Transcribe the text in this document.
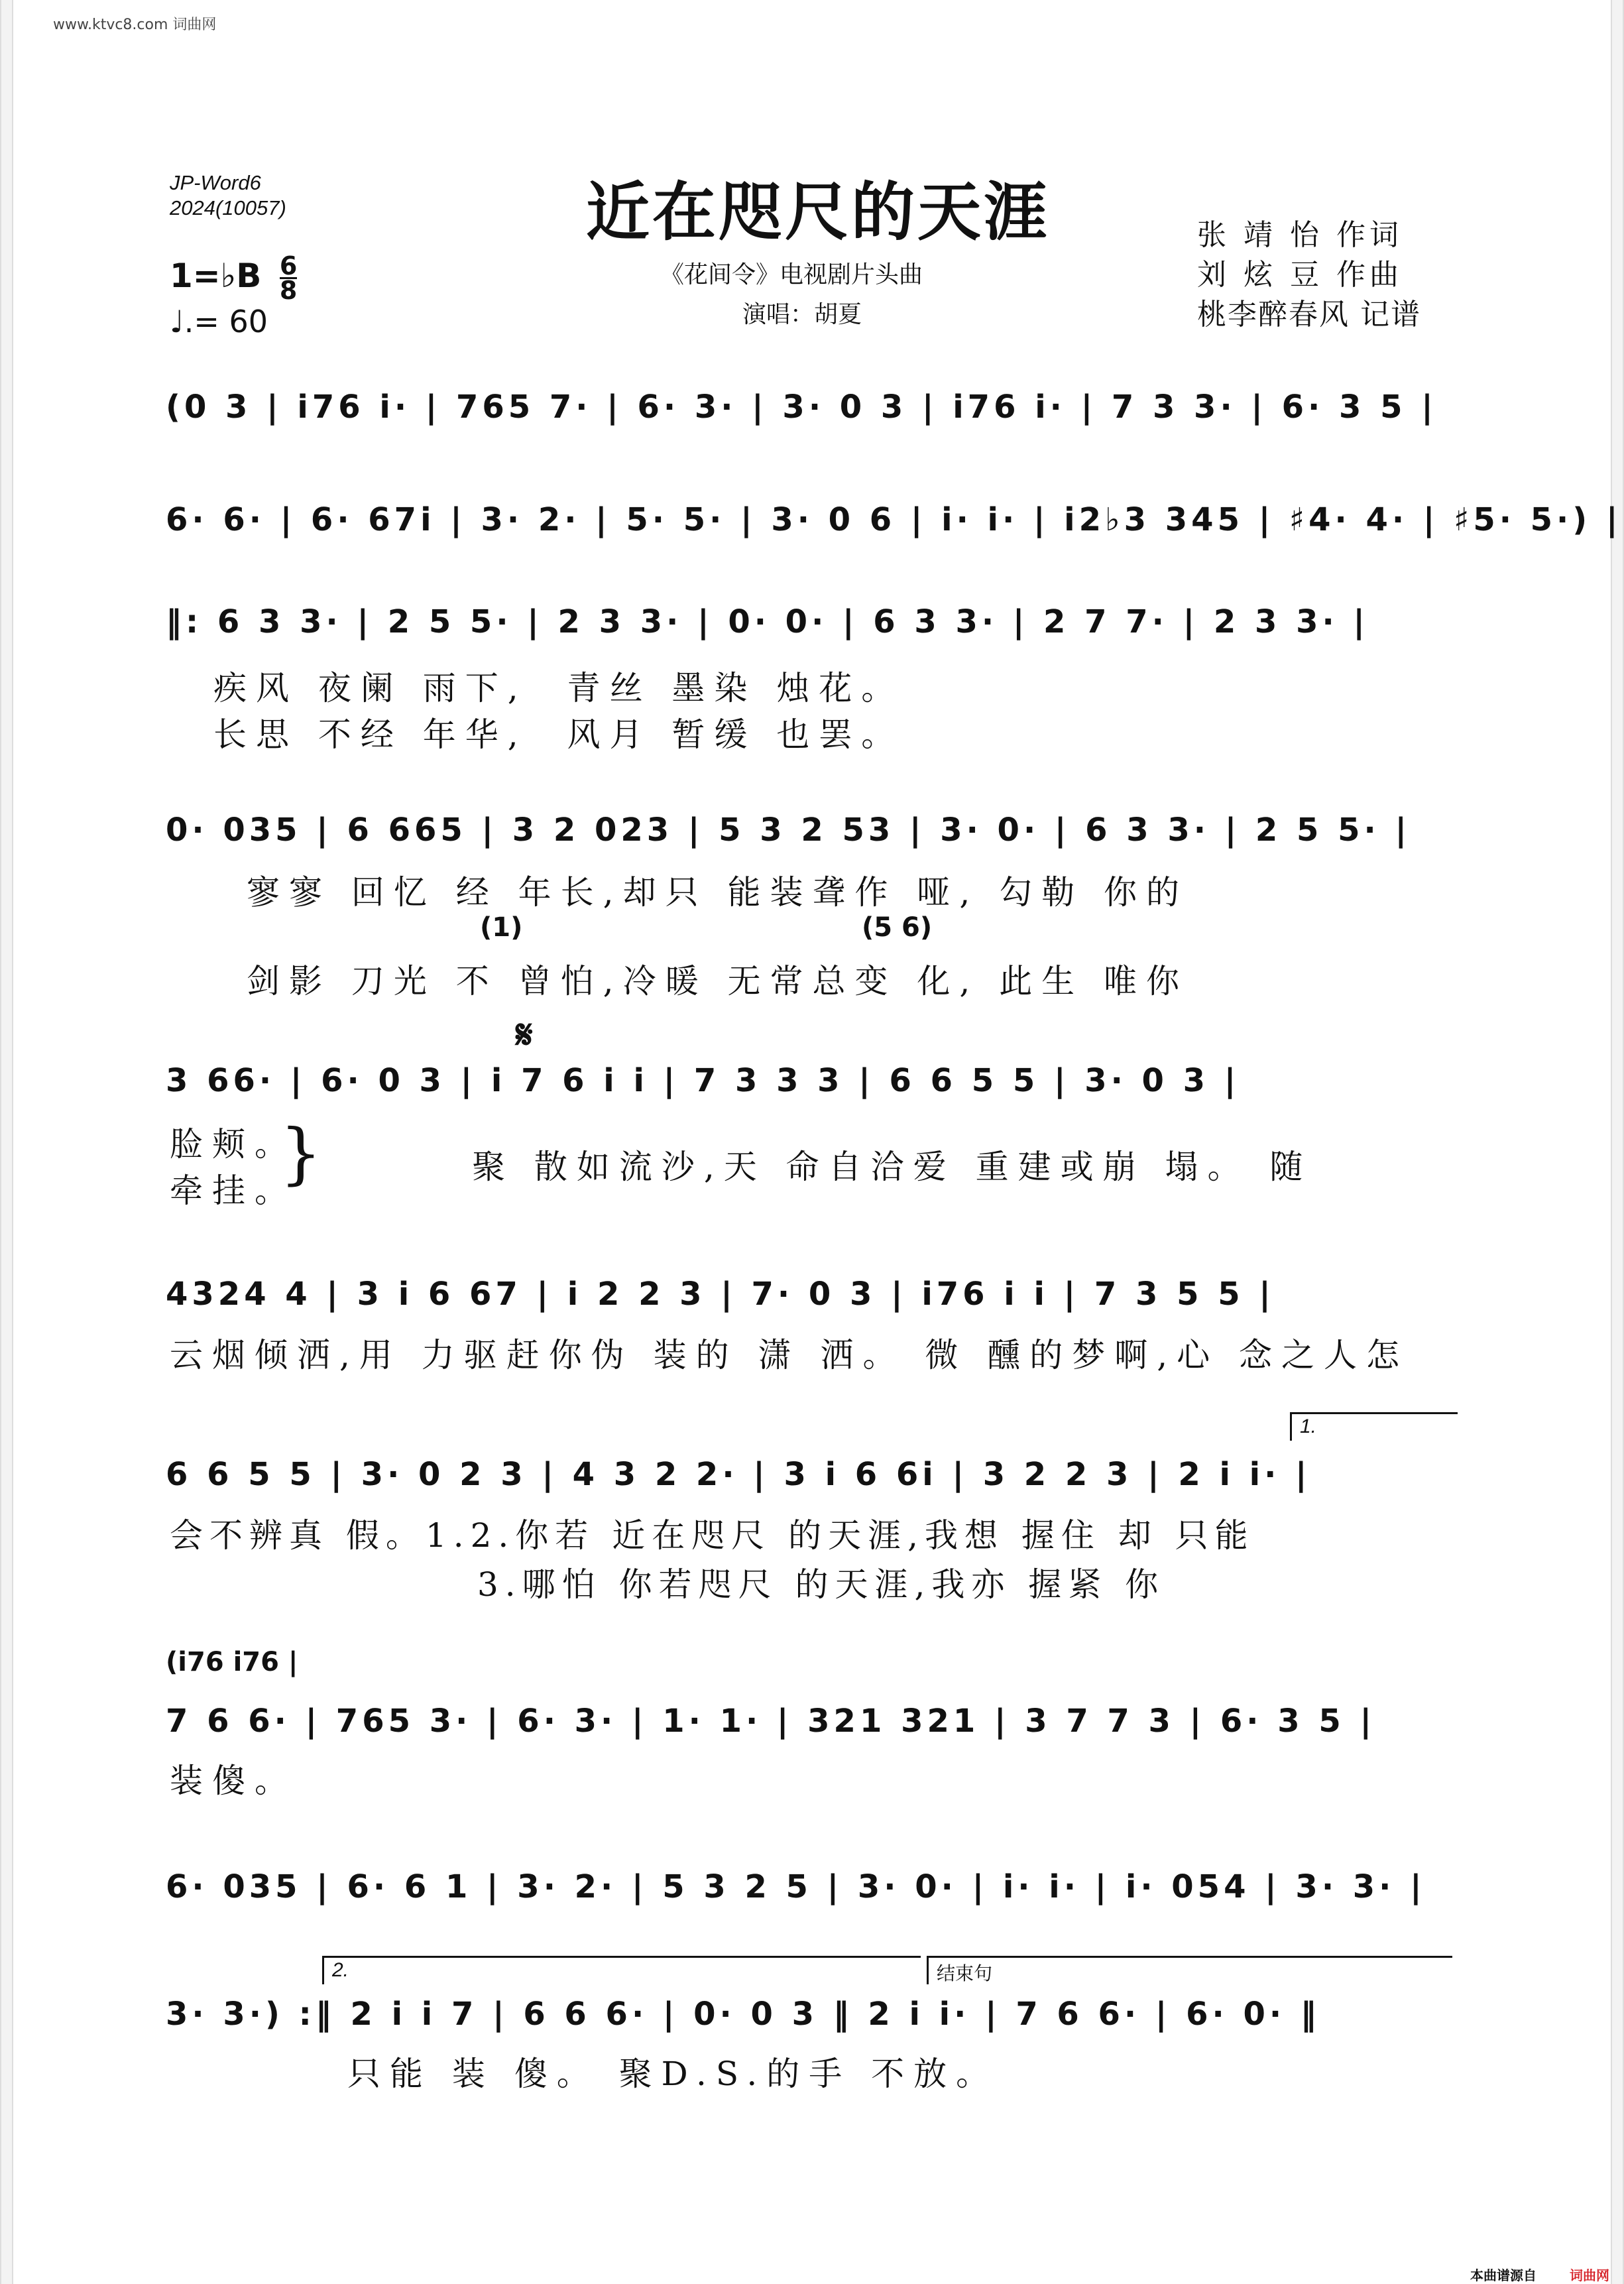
www.ktvc8.com 词曲网
JP-Word6
2024(10057)	近在咫尺的天涯
《花间令》电视剧片头曲
演唱：胡夏
张 靖 怡 作词
刘 炫 豆 作曲
桃李醉春风 记谱
1=♭B $\frac{6}{8}$
♩.= 60
(0 3 | i76 i· | 765 7· | 6· 3· | 3· 0 3 | i76 i· | 7 3 3· | 6· 3 5 |
6· 6· | 6· 67i | 3· 2· | 5· 5· | 3· 0 6 | i· i· | i2♭3 345 | ♯4· 4· | ♯5· 5·) |
‖: 6 3 3· | 2 5 5· | 2 3 3· | 0· 0· | 6 3 3· | 2 7 7· | 2 3 3· |
疾风 夜阑 雨下,  青丝 墨染 烛花。
长思 不经 年华,  风月 暂缓 也罢。
0· 035 | 6 665 | 3 2 023 | 5 3 2 53 | 3· 0· | 6 3 3· | 2 5 5· |
寥寥 回忆 经 年长,却只 能装聋作 哑, 勾勒 你的
(1)	(5 6)
剑影 刀光 不 曾怕,冷暖 无常总变 化, 此生 唯你
𝄋
3 66· | 6· 0 3 | i 7 6 i i | 7 3 3 3 | 6 6 5 5 | 3· 0 3 |
脸颊。
牵挂。
}	聚 散如流沙,天 命自洽爱 重建或崩 塌。 随
4324 4 | 3 i 6 67 | i 2 2 3 | 7· 0 3 | i76 i i | 7 3 5 5 |
云烟倾洒,用 力驱赶你伪 装的 潇 洒。 微 醺的梦啊,心 念之人怎
1.
6 6 5 5 | 3· 0 2 3 | 4 3 2 2· | 3 i 6 6i | 3 2 2 3 | 2 i i· |
会不辨真 假。1.2.你若 近在咫尺 的天涯,我想 握住 却 只能
3.哪怕 你若咫尺 的天涯,我亦 握紧 你
(i76 i76 |
7 6 6· | 765 3· | 6· 3· | 1· 1· | 321 321 | 3 7 7 3 | 6· 3 5 |
装傻。
6· 035 | 6· 6 1 | 3· 2· | 5 3 2 5 | 3· 0· | i· i· | i· 054 | 3· 3· |
2.	结束句
3· 3·) :‖ 2 i i 7 | 6 6 6· | 0· 0 3 ‖ 2 i i· | 7 6 6· | 6· 0· ‖
只能 装 傻。 聚D.S.的手 不放。
本曲谱源自	词曲网
